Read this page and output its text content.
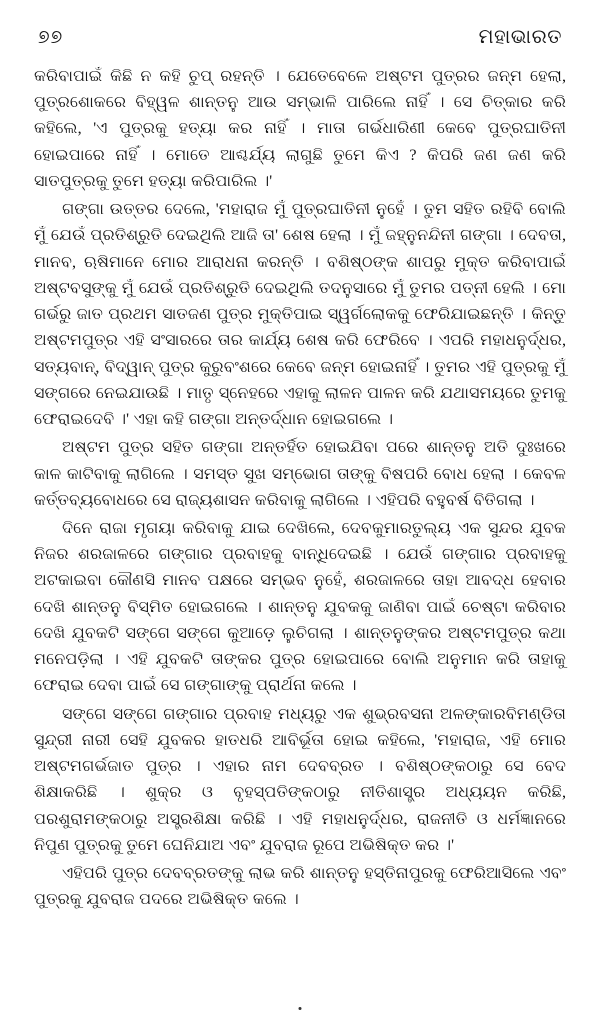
୭୭	ମହାଭାରତ

କରିବାପାଇଁ କିଛି ନ କହି ଚୁପ୍ ରହନ୍ତି । ଯେତେବେଳେ ଅଷ୍ଟମ ପୁତ୍ରର ଜନ୍ମ ହେଲା, ପୁତ୍ରଶୋକରେ ବିହ୍ୱଳ ଶାନ୍ତନୁ ଆଉ ସମ୍ଭାଳି ପାରିଲେ ନାହିଁ । ସେ ଚିତ୍କାର କରି କହିଲେ, 'ଏ ପୁତ୍ରକୁ ହତ୍ୟା କର ନାହିଁ । ମାତା ଗର୍ଭଧାରିଣୀ କେବେ ପୁତ୍ରଘାତିନୀ ହୋଇପାରେ ନାହିଁ । ମୋତେ ଆଶ୍ଚର୍ଯ୍ୟ ଲାଗୁଛି ତୁମେ କିଏ ? କିପରି ଜଣ ଜଣ କରି ସାତପୁତ୍ରକୁ ତୁମେ ହତ୍ୟା କରିପାରିଲ ।'

ଗଙ୍ଗା ଉତ୍ତର ଦେଲେ, 'ମହାରାଜ ମୁଁ ପୁତ୍ରଘାତିନୀ ନୁହେଁ । ତୁମ ସହିତ ରହିବି ବୋଲି ମୁଁ ଯେଉଁ ପ୍ରତିଶ୍ରୁତି ଦେଇଥିଲି ଆଜି ତା' ଶେଷ ହେଲା । ମୁଁ ଜହ୍ନୁନନ୍ଦିନୀ ଗଙ୍ଗା । ଦେବତା, ମାନବ, ଋଷିମାନେ ମୋର ଆରାଧନା କରନ୍ତି । ବଶିଷ୍ଠଙ୍କ ଶାପରୁ ମୁକ୍ତ କରିବାପାଇଁ ଅଷ୍ଟବସୁଙ୍କୁ ମୁଁ ଯେଉଁ ପ୍ରତିଶ୍ରୁତି ଦେଇଥିଲି ତଦନୁସାରେ ମୁଁ ତୁମର ପତ୍ନୀ ହେଲି । ମୋ ଗର୍ଭରୁ ଜାତ ପ୍ରଥମ ସାତଜଣ ପୁତ୍ର ମୁକ୍ତିପାଇ ସ୍ୱର୍ଗଲୋକକୁ ଫେରିଯାଇଛନ୍ତି । କିନ୍ତୁ ଅଷ୍ଟମପୁତ୍ର ଏହି ସଂସାରରେ ତାର କାର୍ଯ୍ୟ ଶେଷ କରି ଫେରିବେ । ଏପରି ମହାଧନୁର୍ଦ୍ଧର, ସତ୍ୟବାନ୍, ବିଦ୍ୱାନ୍ ପୁତ୍ର କୁରୁବଂଶରେ କେବେ ଜନ୍ମ ହୋଇନାହିଁ । ତୁମର ଏହି ପୁତ୍ରକୁ ମୁଁ ସଙ୍ଗରେ ନେଇଯାଉଛି । ମାତୃ ସ୍ନେହରେ ଏହାକୁ ଲାଳନ ପାଳନ କରି ଯଥାସମୟରେ ତୁମକୁ ଫେରାଇଦେବି ।' ଏହା କହି ଗଙ୍ଗା ଅନ୍ତର୍ଦ୍ଧାନ ହୋଇଗଲେ ।

ଅଷ୍ଟମ ପୁତ୍ର ସହିତ ଗଙ୍ଗା ଅନ୍ତର୍ହିତ ହୋଇଯିବା ପରେ ଶାନ୍ତନୁ ଅତି ଦୁଃଖରେ କାଳ କାଟିବାକୁ ଲାଗିଲେ । ସମସ୍ତ ସୁଖ ସମ୍ଭୋଗ ତାଙ୍କୁ ବିଷପରି ବୋଧ ହେଲା । କେବଳ କର୍ତ୍ତବ୍ୟବୋଧରେ ସେ ରାଜ୍ୟଶାସନ କରିବାକୁ ଲାଗିଲେ । ଏହିପରି ବହୁବର୍ଷ ବିତିଗଲା ।

ଦିନେ ରାଜା ମୃଗୟା କରିବାକୁ ଯାଇ ଦେଖିଲେ, ଦେବକୁମାରତୁଲ୍ୟ ଏକ ସୁନ୍ଦର ଯୁବକ ନିଜର ଶରଜାଳରେ ଗଙ୍ଗାର ପ୍ରବାହକୁ ବାନ୍ଧିଦେଇଛି । ଯେଉଁ ଗଙ୍ଗାର ପ୍ରବାହକୁ ଅଟକାଇବା କୌଣସି ମାନବ ପକ୍ଷରେ ସମ୍ଭବ ନୁହେଁ, ଶରଜାଳରେ ତାହା ଆବଦ୍ଧ ହେବାର ଦେଖି ଶାନ୍ତନୁ ବିସ୍ମିତ ହୋଇଗଲେ । ଶାନ୍ତନୁ ଯୁବକକୁ ଜାଣିବା ପାଇଁ ଚେଷ୍ଟା କରିବାର ଦେଖି ଯୁବକଟି ସଙ୍ଗେ ସଙ୍ଗେ କୁଆଡ଼େ ଲୁଚିଗଲା । ଶାନ୍ତନୁଙ୍କର ଅଷ୍ଟମପୁତ୍ର କଥା ମନେପଡ଼ିଲା । ଏହି ଯୁବକଟି ତାଙ୍କର ପୁତ୍ର ହୋଇପାରେ ବୋଲି ଅନୁମାନ କରି ତାହାକୁ ଫେରାଇ ଦେବା ପାଇଁ ସେ ଗଙ୍ଗାଙ୍କୁ ପ୍ରାର୍ଥନା କଲେ ।

ସଙ୍ଗେ ସଙ୍ଗେ ଗଙ୍ଗାର ପ୍ରବାହ ମଧ୍ୟରୁ ଏକ ଶୁଭ୍ରବସନା ଅଳଙ୍କାରବିମଣ୍ଡିତା ସୁନ୍ଦ୍ରୀ ନାରୀ ସେହି ଯୁବକର ହାତଧରି ଆବିର୍ଭୂତା ହୋଇ କହିଲେ, 'ମହାରାଜ, ଏହି ମୋର ଅଷ୍ଟମଗର୍ଭଜାତ ପୁତ୍ର । ଏହାର ନାମ ଦେବବ୍ରତ । ବଶିଷ୍ଠଙ୍କଠାରୁ ସେ ବେଦ ଶିକ୍ଷାକରିଛି । ଶୁକ୍ର ଓ ବୃହସ୍ପତିଙ୍କଠାରୁ ନୀତିଶାସ୍ତ୍ର ଅଧ୍ୟୟନ କରିଛି, ପରଶୁରାମଙ୍କଠାରୁ ଅସ୍ତ୍ରଶିକ୍ଷା କରିଛି । ଏହି ମହାଧନୁର୍ଦ୍ଧର, ରାଜନୀତି ଓ ଧର୍ମଜ୍ଞାନରେ ନିପୁଣ ପୁତ୍ରକୁ ତୁମେ ଘେନିଯାଅ ଏବଂ ଯୁବରାଜ ରୂପେ ଅଭିଷିକ୍ତ କର ।'

ଏହିପରି ପୁତ୍ର ଦେବବ୍ରତଙ୍କୁ ଲାଭ କରି ଶାନ୍ତନୁ ହସ୍ତିନାପୁରକୁ ଫେରିଆସିଲେ ଏବଂ ପୁତ୍ରକୁ ଯୁବରାଜ ପଦରେ ଅଭିଷିକ୍ତ କଲେ ।
